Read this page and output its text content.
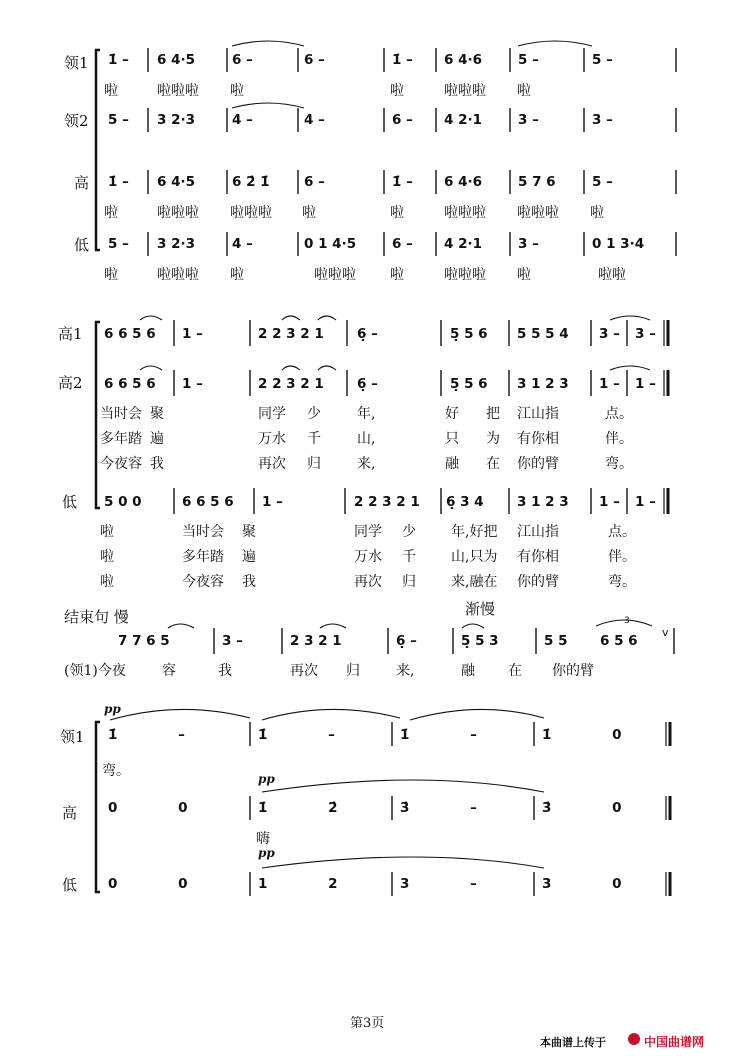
领1
领2
高
低
1̇ – 6 4·5	6 –	6 –	1̇ – 6 4·6	5 –	5 –
啦	啦啦啦 啦	啦	啦啦啦 啦
5 – 3 2·3	4 –	4 –	6 – 4 2·1	3 –	3 –
1̇ – 6 4·5	6 2̇ 1̇	6 –	1̇ – 6 4·6	5 7 6	5 –
啦	啦啦啦 啦啦啦 啦	啦	啦啦啦 啦啦啦 啦
5 – 3 2·3	4 –	0 1 4·5	6 – 4 2·1	3 –	0 1 3·4
啦	啦啦啦 啦	啦啦啦 啦	啦啦啦 啦	啦啦
高1
高2
低
6 6 5 6 1 –	2 2 3 2 1 6̣ –	5̣ 5 6 5 5 5 4 3 – 3 –
6 6 5 6 1 –	2 2 3 2 1 6̣ –	5̣ 5 6 3 1 2 3 1 – 1 –
当时会 聚	同学 少	年,	好 把 江山指	点。
多年踏 遍	万水 千	山,	只 为 有你相	伴。
今夜容 我	再次 归	来,	融 在 你的臂	弯。
5 0 0	6 6 5 6 1 –	2 2 3 2 1 6̣ 3 4 3 1 2 3 1 – 1 –
啦	当时会 聚	同学 少	年,好把 江山指	点。
啦	多年踏 遍	万水 千	山,只为 有你相	伴。
啦	今夜容 我	再次 归	来,融在 你的臂	弯。
结束句 慢	渐慢
7 7 6 5	3 –	2 3 2 1	6̣ –	5̣ 5 3	5 5 6 5 6
3
v
(领1)今夜	容	我	再次 归	来,	融 在 你的臂
领1
高
低
pp
pp
pp
1̇ –	1̇ –	1̇ –	1̇ 0
弯。
0 0	1̇ 2̇	3̇ –	3̇ 0
嗨
0 0	1 2	3 –	3 0
第3页
本曲谱上传于	中国曲谱网
